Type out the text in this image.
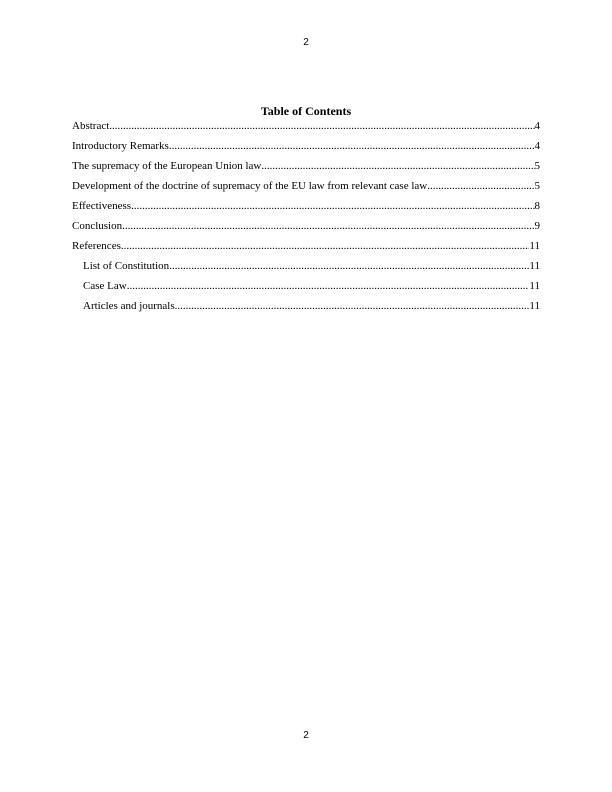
2
Table of Contents
Abstract .....	4
Introductory Remarks .....	4
The supremacy of the European Union law .....	5
Development of the doctrine of supremacy of the EU law from relevant case law .....	5
Effectiveness .....	8
Conclusion .....	9
References .....	11
List of Constitution .....	11
Case Law .....	11
Articles and journals .....	11
2
